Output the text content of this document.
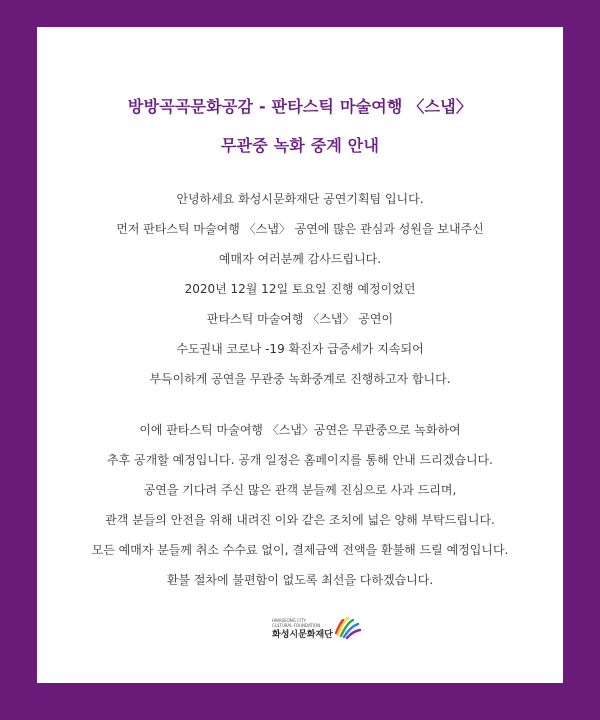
방방곡곡문화공감 - 판타스틱 마술여행 〈스냅〉
무관중 녹화 중계 안내
안녕하세요 화성시문화재단 공연기획팀 입니다.
먼저 판타스틱 마술여행 〈스냅〉 공연에 많은 관심과 성원을 보내주신
예매자 여러분께 감사드립니다.
2020년 12월 12일 토요일 진행 예정이었던
판타스틱 마술여행 〈스냅〉 공연이
수도권내 코로나 -19 확진자 급증세가 지속되어
부득이하게 공연을 무관중 녹화중계로 진행하고자 합니다.
이에 판타스틱 마술여행 〈스냅〉공연은 무관중으로 녹화하여
추후 공개할 예정입니다. 공개 일정은 홈페이지를 통해 안내 드리겠습니다.
공연을 기다려 주신 많은 관객 분들께 진심으로 사과 드리며,
관객 분들의 안전을 위해 내려진 이와 같은 조치에 넓은 양해 부탁드립니다.
모든 예매자 분들께 취소 수수료 없이, 결제금액 전액을 환불해 드릴 예정입니다.
환불 절차에 불편함이 없도록 최선을 다하겠습니다.
HWASEONG CITY
CULTURAL FOUNDATION
화성시문화재단
